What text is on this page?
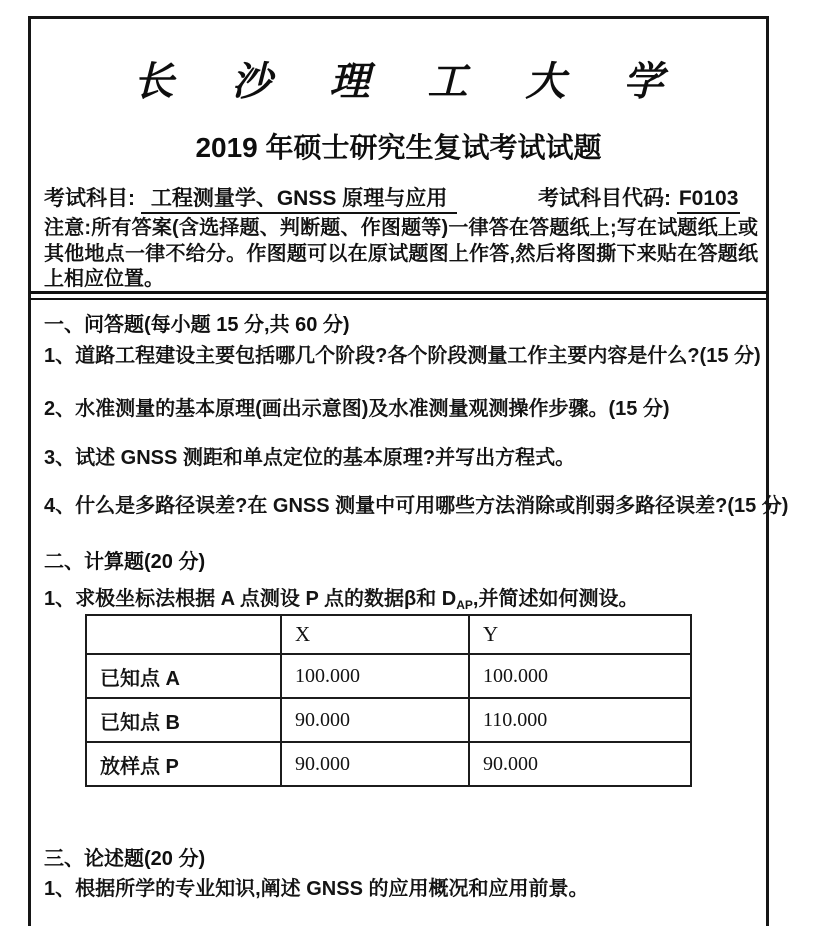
长 沙 理 工 大 学
2019 年硕士研究生复试考试试题
考试科目: 工程测量学、GNSS 原理与应用	考试科目代码: F0103
注意:所有答案(含选择题、判断题、作图题等)一律答在答题纸上;写在试题纸上或其他地点一律不给分。作图题可以在原试题图上作答,然后将图撕下来贴在答题纸上相应位置。
一、问答题(每小题 15 分,共 60 分)
1、道路工程建设主要包括哪几个阶段?各个阶段测量工作主要内容是什么?(15 分)
2、水准测量的基本原理(画出示意图)及水准测量观测操作步骤。(15 分)
3、试述 GNSS 测距和单点定位的基本原理?并写出方程式。
4、什么是多路径误差?在 GNSS 测量中可用哪些方法消除或削弱多路径误差?(15 分)
二、计算题(20 分)
1、求极坐标法根据 A 点测设 P 点的数据β和 $D_{AP}$,并简述如何测设。
	X	Y
已知点 A	100.000	100.000
已知点 B	90.000	110.000
放样点 P	90.000	90.000
三、论述题(20 分)
1、根据所学的专业知识,阐述 GNSS 的应用概况和应用前景。
